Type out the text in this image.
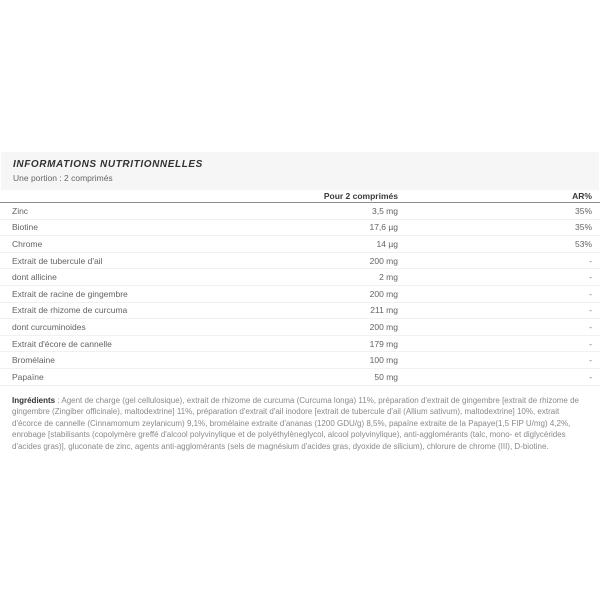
INFORMATIONS NUTRITIONNELLES
Une portion : 2 comprimés
Pour 2 comprimés	AR%
Zinc	3,5 mg	35%
Biotine	17,6 µg	35%
Chrome	14 µg	53%
Extrait de tubercule d'ail	200 mg	-
dont allicine	2 mg	-
Extrait de racine de gingembre	200 mg	-
Extrait de rhizome de curcuma	211 mg	-
dont curcuminoides	200 mg	-
Extrait d'écore de cannelle	179 mg	-
Bromélaine	100 mg	-
Papaïne	50 mg	-

Ingrédients : Agent de charge (gel cellulosique), extrait de rhizome de curcuma (Curcuma longa) 11%, préparation d'extrait de gingembre [extrait de rhizome de gingembre (Zingiber officinale), maltodextrine] 11%, préparation d'extrait d'ail inodore [extrait de tubercule d'ail (Allium sativum), maltodextrine] 10%, extrait d'écorce de cannelle (Cinnamomum zeylanicum) 9,1%, bromélaine extraite d'ananas (1200 GDU/g) 8,5%, papaïne extraite de la Papaye(1,5 FIP U/mg) 4,2%, enrobage [stabilisants (copolymère greffé d'alcool polyvinylique et de polyéthylèneglycol, alcool polyvinylique), anti-agglomérants (talc, mono- et diglycérides d'acides gras)], gluconate de zinc, agents anti-agglomérants (sels de magnésium d'acides gras, dyoxide de silicium), chlorure de chrome (III), D-biotine.
